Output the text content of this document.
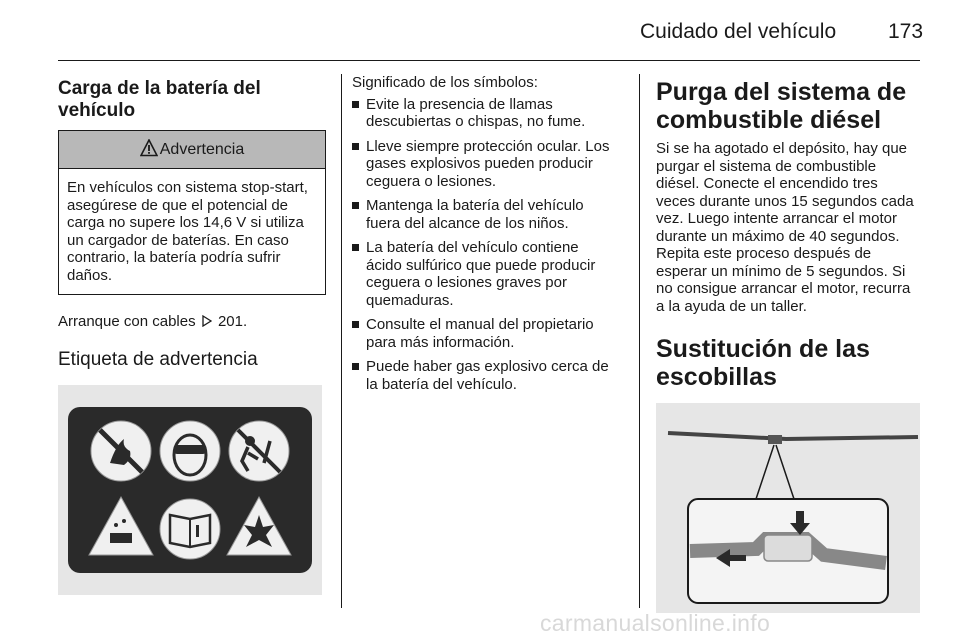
Cuidado del vehículo 173
Carga de la batería del vehículo
Advertencia
En vehículos con sistema stop-start, asegúrese de que el potencial de carga no supere los 14,6 V si utiliza un cargador de baterías. En caso contrario, la batería podría sufrir daños.

Arranque con cables 201.

Etiqueta de advertencia

Significado de los símbolos:

Evite la presencia de llamas descubiertas o chispas, no fume.
Lleve siempre protección ocular. Los gases explosivos pueden producir ceguera o lesiones.
Mantenga la batería del vehículo fuera del alcance de los niños.
La batería del vehículo contiene ácido sulfúrico que puede producir ceguera o lesiones graves por quemaduras.
Consulte el manual del propietario para más información.
Puede haber gas explosivo cerca de la batería del vehículo.
Purga del sistema de combustible diésel

Si se ha agotado el depósito, hay que purgar el sistema de combustible diésel. Conecte el encendido tres veces durante unos 15 segundos cada vez. Luego intente arrancar el motor durante un máximo de 40 segundos. Repita este proceso después de esperar un mínimo de 5 segundos. Si no consigue arrancar el motor, recurra a la ayuda de un taller.

Sustitución de las escobillas
carmanualsonline.info
